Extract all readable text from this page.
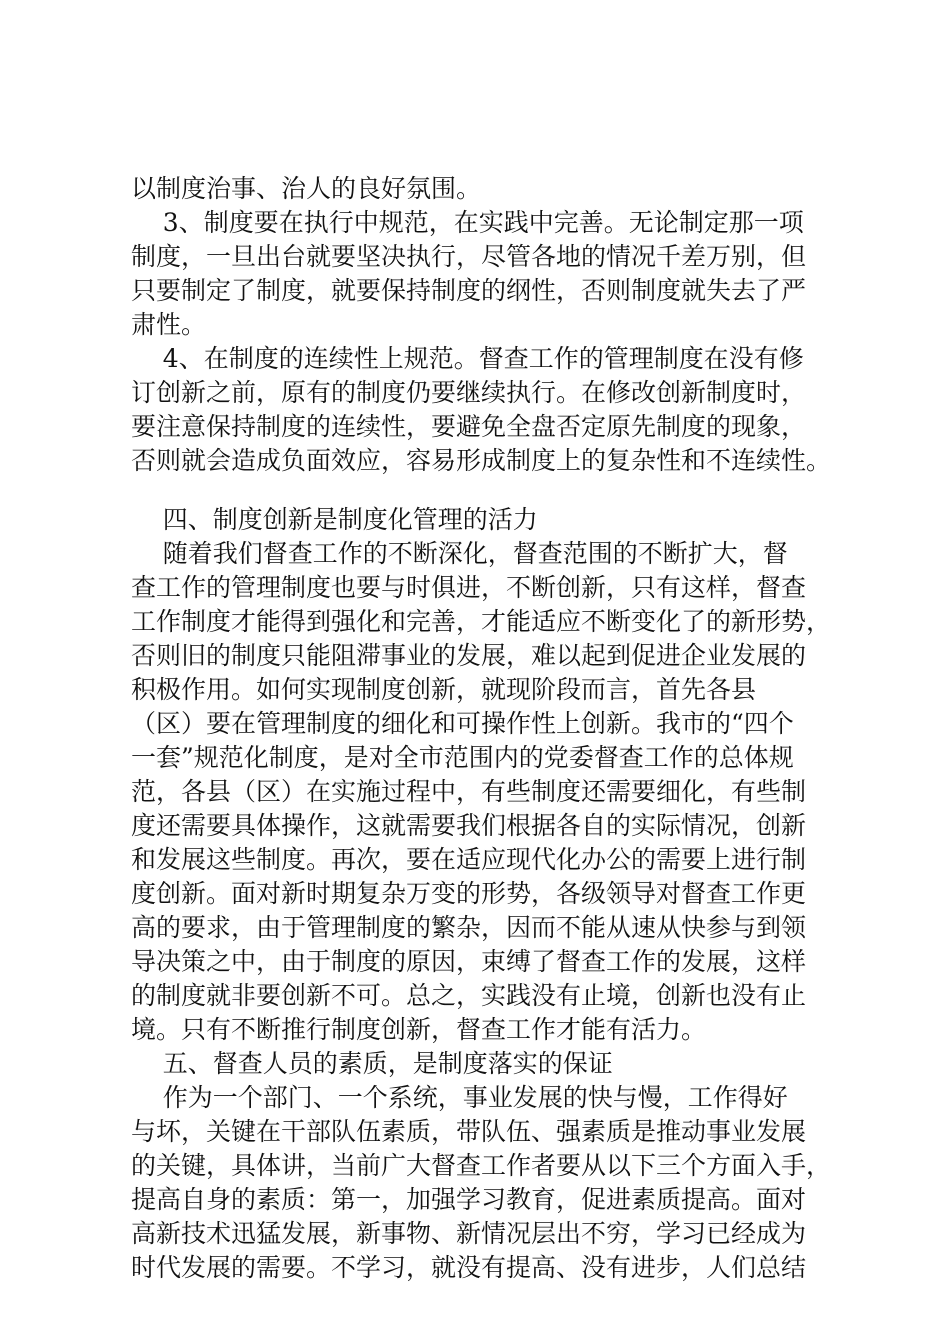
以制度治事、治人的良好氛围。
3、制度要在执行中规范，在实践中完善。无论制定那一项
制度，一旦出台就要坚决执行，尽管各地的情况千差万别，但
只要制定了制度，就要保持制度的纲性，否则制度就失去了严
肃性。
4、在制度的连续性上规范。督查工作的管理制度在没有修
订创新之前，原有的制度仍要继续执行。在修改创新制度时，
要注意保持制度的连续性，要避免全盘否定原先制度的现象，
否则就会造成负面效应，容易形成制度上的复杂性和不连续性。
四、制度创新是制度化管理的活力
随着我们督查工作的不断深化，督查范围的不断扩大，督
查工作的管理制度也要与时俱进，不断创新，只有这样，督查
工作制度才能得到强化和完善，才能适应不断变化了的新形势，
否则旧的制度只能阻滞事业的发展，难以起到促进企业发展的
积极作用。如何实现制度创新，就现阶段而言，首先各县
（区）要在管理制度的细化和可操作性上创新。我市的“四个
一套”规范化制度，是对全市范围内的党委督查工作的总体规
范，各县（区）在实施过程中，有些制度还需要细化，有些制
度还需要具体操作，这就需要我们根据各自的实际情况，创新
和发展这些制度。再次，要在适应现代化办公的需要上进行制
度创新。面对新时期复杂万变的形势，各级领导对督查工作更
高的要求，由于管理制度的繁杂，因而不能从速从快参与到领
导决策之中，由于制度的原因，束缚了督查工作的发展，这样
的制度就非要创新不可。总之，实践没有止境，创新也没有止
境。只有不断推行制度创新，督查工作才能有活力。
五、督查人员的素质，是制度落实的保证
作为一个部门、一个系统，事业发展的快与慢，工作得好
与坏，关键在干部队伍素质，带队伍、强素质是推动事业发展
的关键，具体讲，当前广大督查工作者要从以下三个方面入手，
提高自身的素质：第一，加强学习教育，促进素质提高。面对
高新技术迅猛发展，新事物、新情况层出不穷，学习已经成为
时代发展的需要。不学习，就没有提高、没有进步，人们总结
